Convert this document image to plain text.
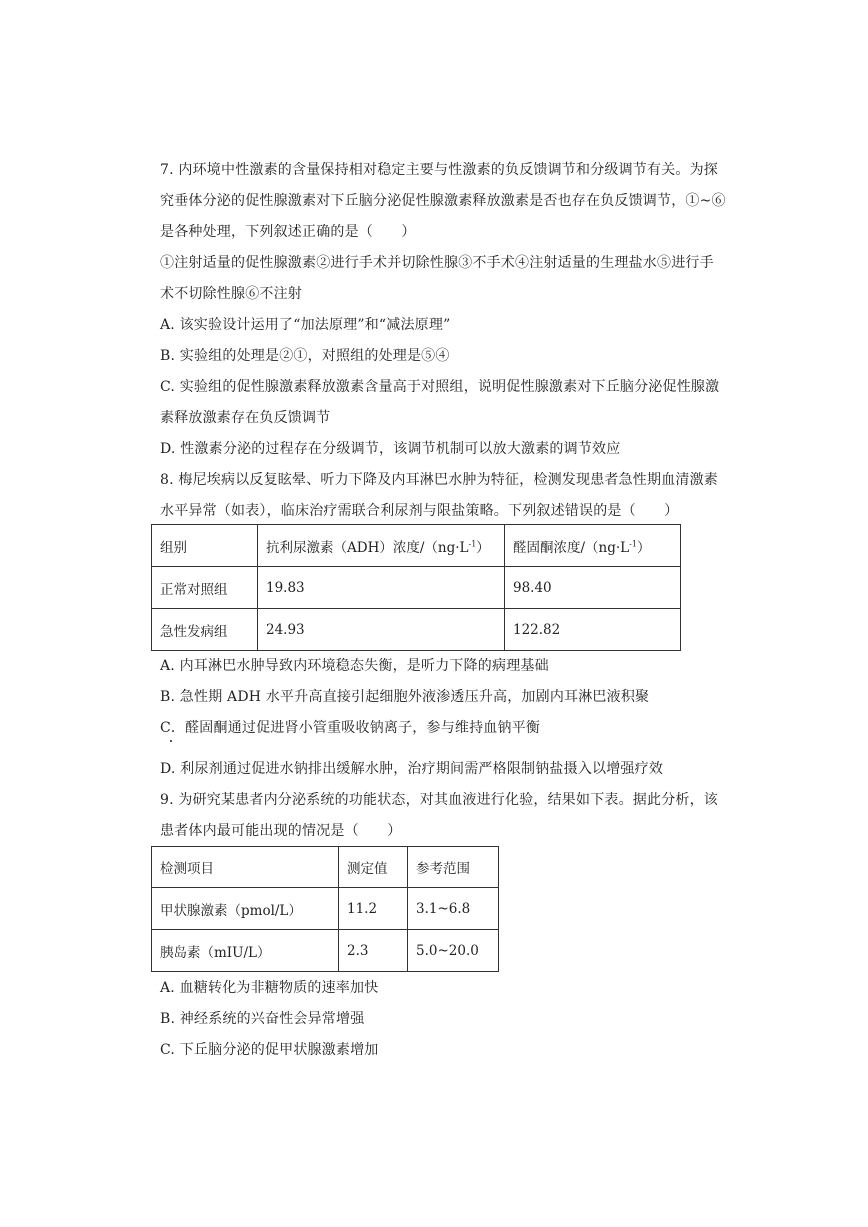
7. 内环境中性激素的含量保持相对稳定主要与性激素的负反馈调节和分级调节有关。为探
究垂体分泌的促性腺激素对下丘脑分泌促性腺激素释放激素是否也存在负反馈调节，①~⑥
是各种处理，下列叙述正确的是（　　）
①注射适量的促性腺激素②进行手术并切除性腺③不手术④注射适量的生理盐水⑤进行手
术不切除性腺⑥不注射
A. 该实验设计运用了“加法原理”和“减法原理”
B. 实验组的处理是②①，对照组的处理是⑤④
C. 实验组的促性腺激素释放激素含量高于对照组，说明促性腺激素对下丘脑分泌促性腺激
素释放激素存在负反馈调节
D. 性激素分泌的过程存在分级调节，该调节机制可以放大激素的调节效应
8. 梅尼埃病以反复眩晕、听力下降及内耳淋巴水肿为特征，检测发现患者急性期血清激素
水平异常（如表），临床治疗需联合利尿剂与限盐策略。下列叙述错误的是（　　）
组别	抗利尿激素（ADH）浓度$/(ng\cdot L^{-1})$	醛固酮浓度$/(ng\cdot L^{-1})$
正常对照组	19.83	98.40
急性发病组	24.93	122.82
A. 内耳淋巴水肿导致内环境稳态失衡，是听力下降的病理基础
B. 急性期 ADH 水平升高直接引起细胞外液渗透压升高，加剧内耳淋巴液积聚
C．醛固酮通过促进肾小管重吸收钠离子，参与维持血钠平衡
D. 利尿剂通过促进水钠排出缓解水肿，治疗期间需严格限制钠盐摄入以增强疗效
9. 为研究某患者内分泌系统的功能状态，对其血液进行化验，结果如下表。据此分析，该
患者体内最可能出现的情况是（　　）
检测项目	测定值	参考范围
甲状腺激素（pmol/L）	11.2	3.1~6.8
胰岛素（mIU/L）	2.3	5.0~20.0
A. 血糖转化为非糖物质的速率加快
B. 神经系统的兴奋性会异常增强
C. 下丘脑分泌的促甲状腺激素增加
